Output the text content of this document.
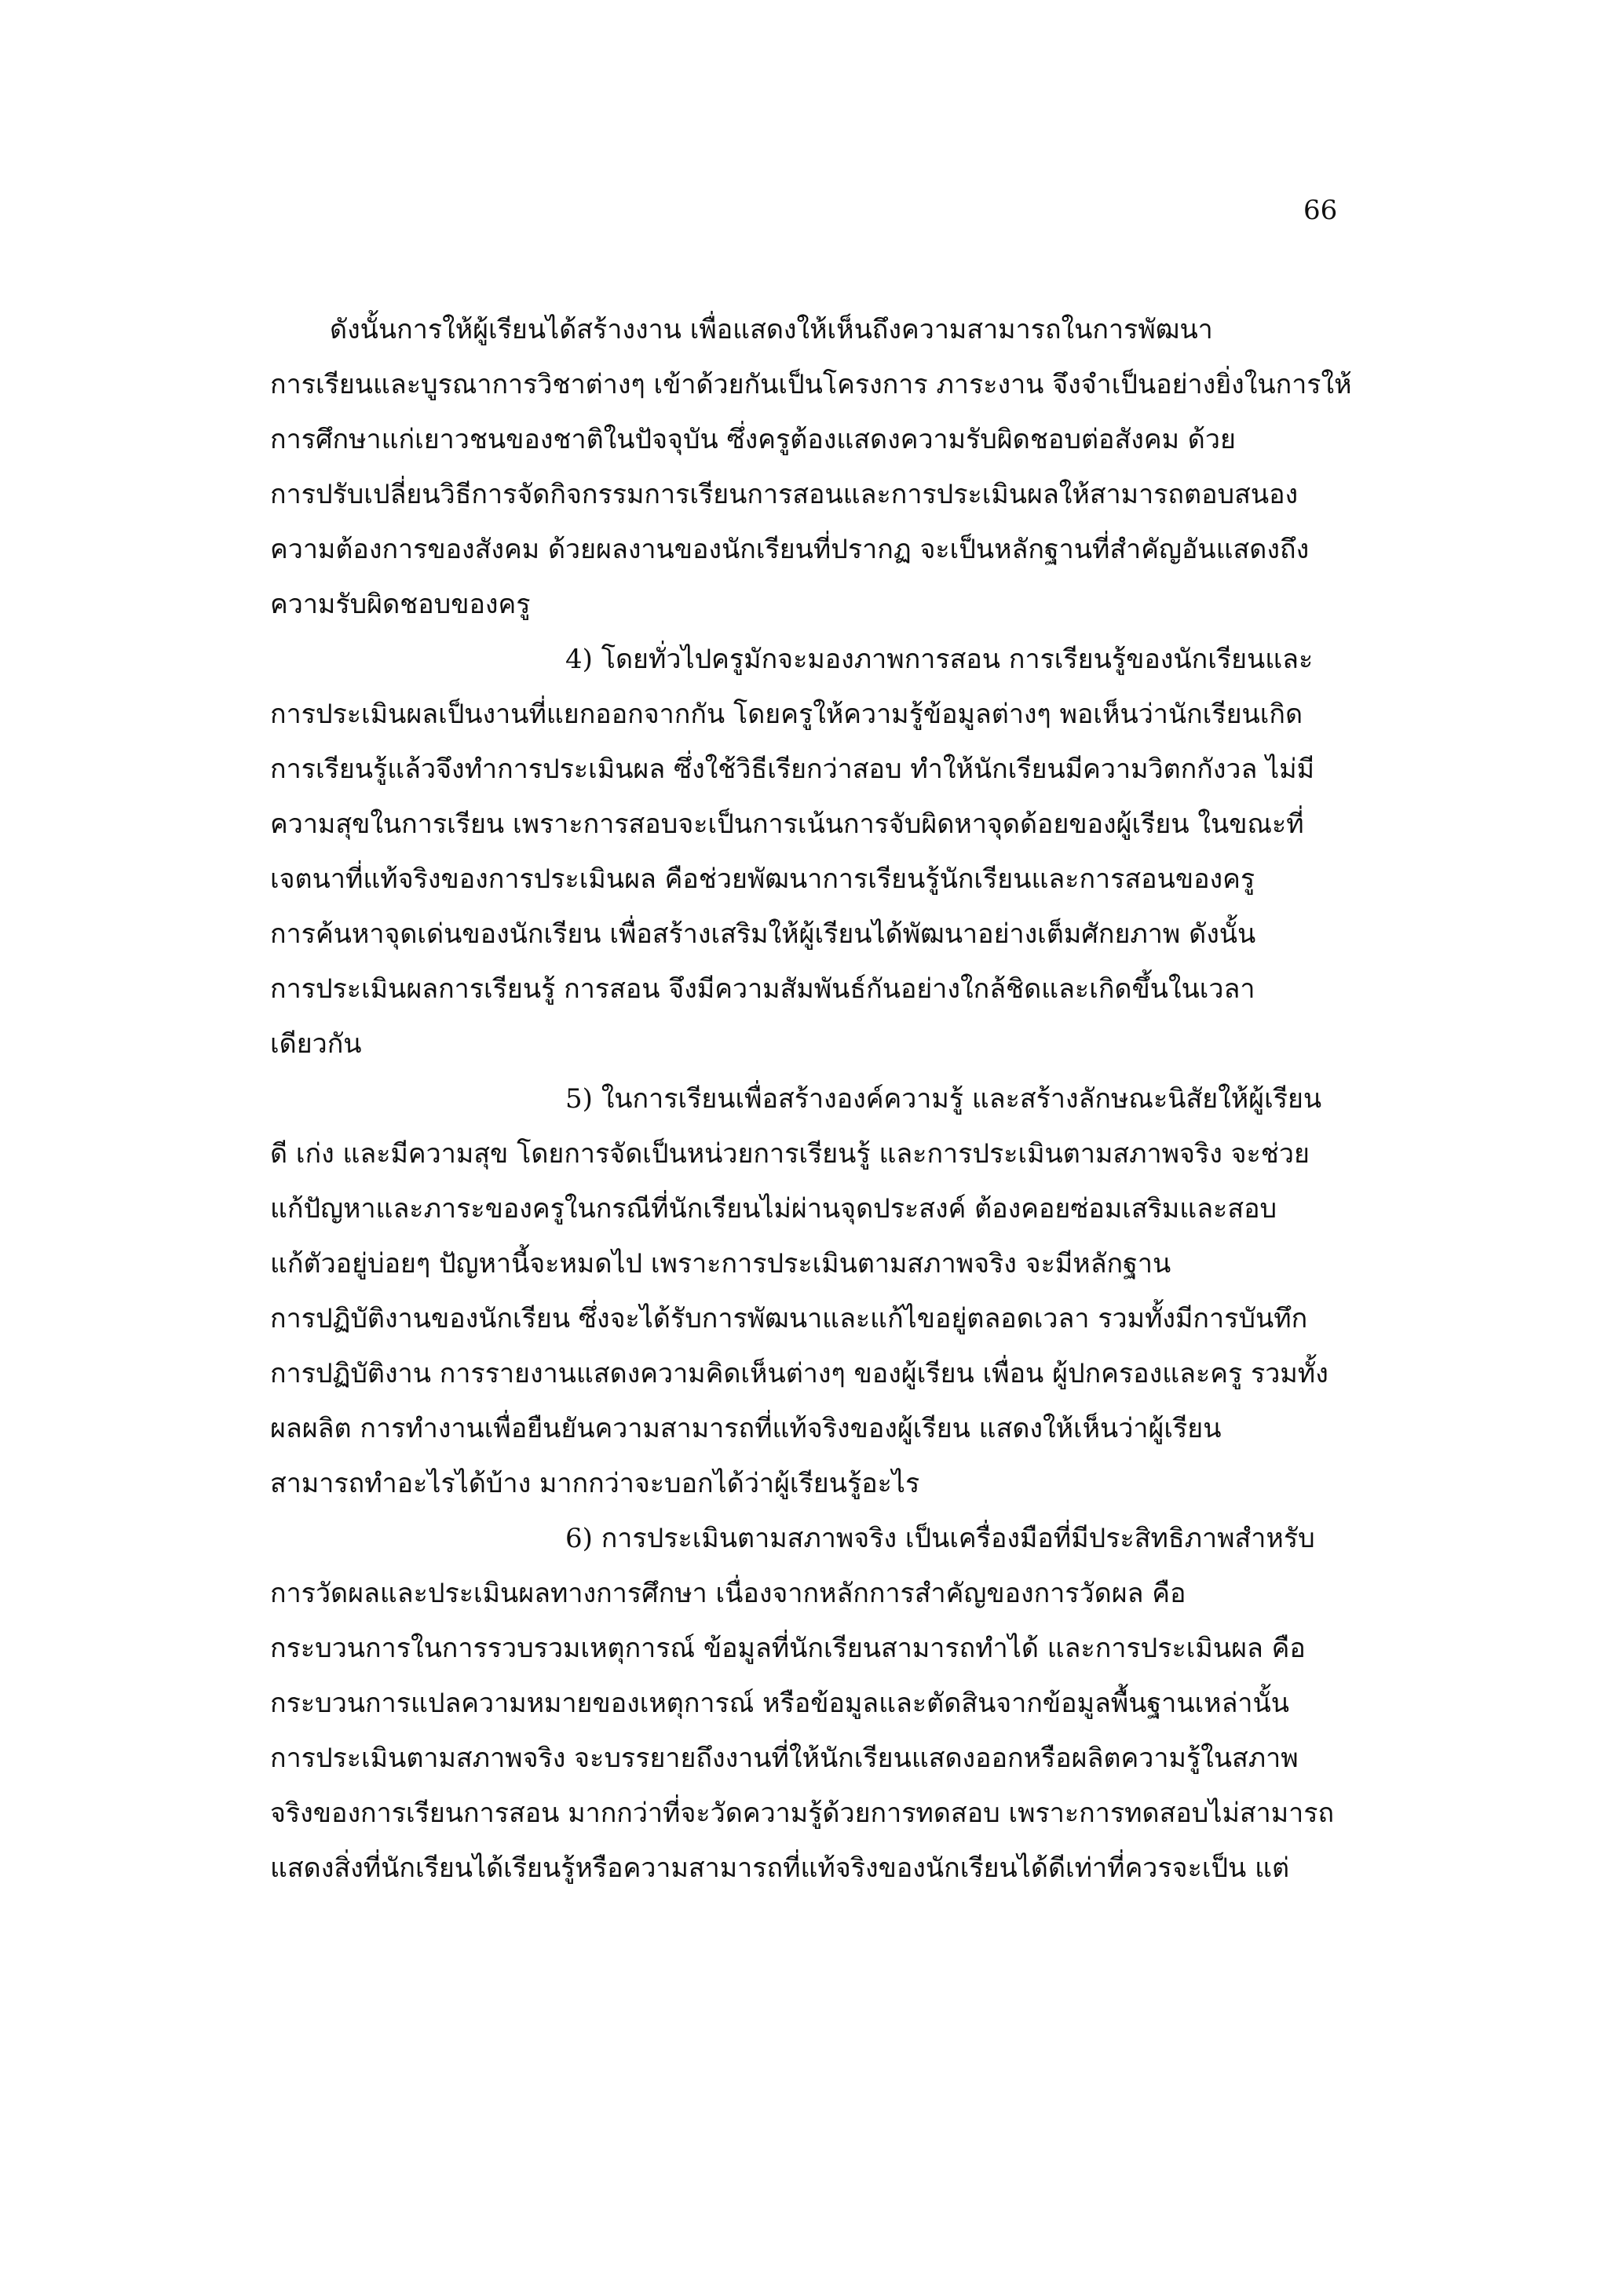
66
ดังนั้นการให้ผู้เรียนได้สร้างงาน เพื่อแสดงให้เห็นถึงความสามารถในการพัฒนา
การเรียนและบูรณาการวิชาต่างๆ เข้าด้วยกันเป็นโครงการ ภาระงาน จึงจำเป็นอย่างยิ่งในการให้
การศึกษาแก่เยาวชนของชาติในปัจจุบัน ซึ่งครูต้องแสดงความรับผิดชอบต่อสังคม ด้วย
การปรับเปลี่ยนวิธีการจัดกิจกรรมการเรียนการสอนและการประเมินผลให้สามารถตอบสนอง
ความต้องการของสังคม ด้วยผลงานของนักเรียนที่ปรากฏ จะเป็นหลักฐานที่สำคัญอันแสดงถึง
ความรับผิดชอบของครู
4) โดยทั่วไปครูมักจะมองภาพการสอน การเรียนรู้ของนักเรียนและ
การประเมินผลเป็นงานที่แยกออกจากกัน โดยครูให้ความรู้ข้อมูลต่างๆ พอเห็นว่านักเรียนเกิด
การเรียนรู้แล้วจึงทำการประเมินผล ซึ่งใช้วิธีเรียกว่าสอบ ทำให้นักเรียนมีความวิตกกังวล ไม่มี
ความสุขในการเรียน เพราะการสอบจะเป็นการเน้นการจับผิดหาจุดด้อยของผู้เรียน ในขณะที่
เจตนาที่แท้จริงของการประเมินผล คือช่วยพัฒนาการเรียนรู้นักเรียนและการสอนของครู
การค้นหาจุดเด่นของนักเรียน เพื่อสร้างเสริมให้ผู้เรียนได้พัฒนาอย่างเต็มศักยภาพ ดังนั้น
การประเมินผลการเรียนรู้ การสอน จึงมีความสัมพันธ์กันอย่างใกล้ชิดและเกิดขึ้นในเวลา
เดียวกัน
5) ในการเรียนเพื่อสร้างองค์ความรู้ และสร้างลักษณะนิสัยให้ผู้เรียน
ดี เก่ง และมีความสุข โดยการจัดเป็นหน่วยการเรียนรู้ และการประเมินตามสภาพจริง จะช่วย
แก้ปัญหาและภาระของครูในกรณีที่นักเรียนไม่ผ่านจุดประสงค์ ต้องคอยซ่อมเสริมและสอบ
แก้ตัวอยู่บ่อยๆ ปัญหานี้จะหมดไป เพราะการประเมินตามสภาพจริง จะมีหลักฐาน
การปฏิบัติงานของนักเรียน ซึ่งจะได้รับการพัฒนาและแก้ไขอยู่ตลอดเวลา รวมทั้งมีการบันทึก
การปฏิบัติงาน การรายงานแสดงความคิดเห็นต่างๆ ของผู้เรียน เพื่อน ผู้ปกครองและครู รวมทั้ง
ผลผลิต การทำงานเพื่อยืนยันความสามารถที่แท้จริงของผู้เรียน แสดงให้เห็นว่าผู้เรียน
สามารถทำอะไรได้บ้าง มากกว่าจะบอกได้ว่าผู้เรียนรู้อะไร
6) การประเมินตามสภาพจริง เป็นเครื่องมือที่มีประสิทธิภาพสำหรับ
การวัดผลและประเมินผลทางการศึกษา เนื่องจากหลักการสำคัญของการวัดผล คือ
กระบวนการในการรวบรวมเหตุการณ์ ข้อมูลที่นักเรียนสามารถทำได้ และการประเมินผล คือ
กระบวนการแปลความหมายของเหตุการณ์ หรือข้อมูลและตัดสินจากข้อมูลพื้นฐานเหล่านั้น
การประเมินตามสภาพจริง จะบรรยายถึงงานที่ให้นักเรียนแสดงออกหรือผลิตความรู้ในสภาพ
จริงของการเรียนการสอน มากกว่าที่จะวัดความรู้ด้วยการทดสอบ เพราะการทดสอบไม่สามารถ
แสดงสิ่งที่นักเรียนได้เรียนรู้หรือความสามารถที่แท้จริงของนักเรียนได้ดีเท่าที่ควรจะเป็น แต่
